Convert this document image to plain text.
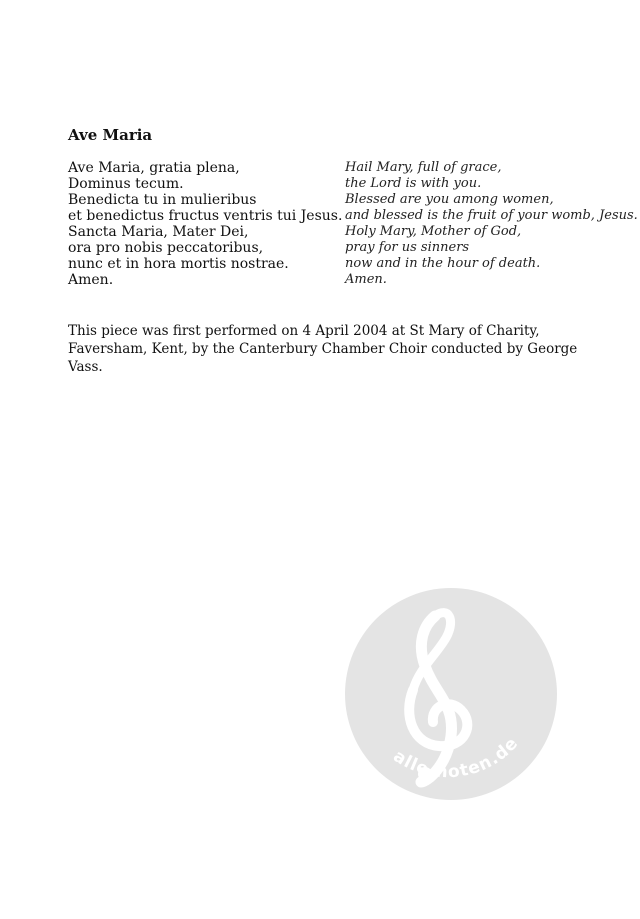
Ave Maria
Ave Maria, gratia plena,
Dominus tecum.
Benedicta tu in mulieribus
et benedictus fructus ventris tui Jesus.
Sancta Maria, Mater Dei,
ora pro nobis peccatoribus,
nunc et in hora mortis nostrae.
Amen.
Hail Mary, full of grace,
the Lord is with you.
Blessed are you among women,
and blessed is the fruit of your womb, Jesus.
Holy Mary, Mother of God,
pray for us sinners
now and in the hour of death.
Amen.

This piece was first performed on 4 April 2004 at St Mary of Charity, Faversham, Kent, by the Canterbury Chamber Choir conducted by George Vass.

alle-noten.de
